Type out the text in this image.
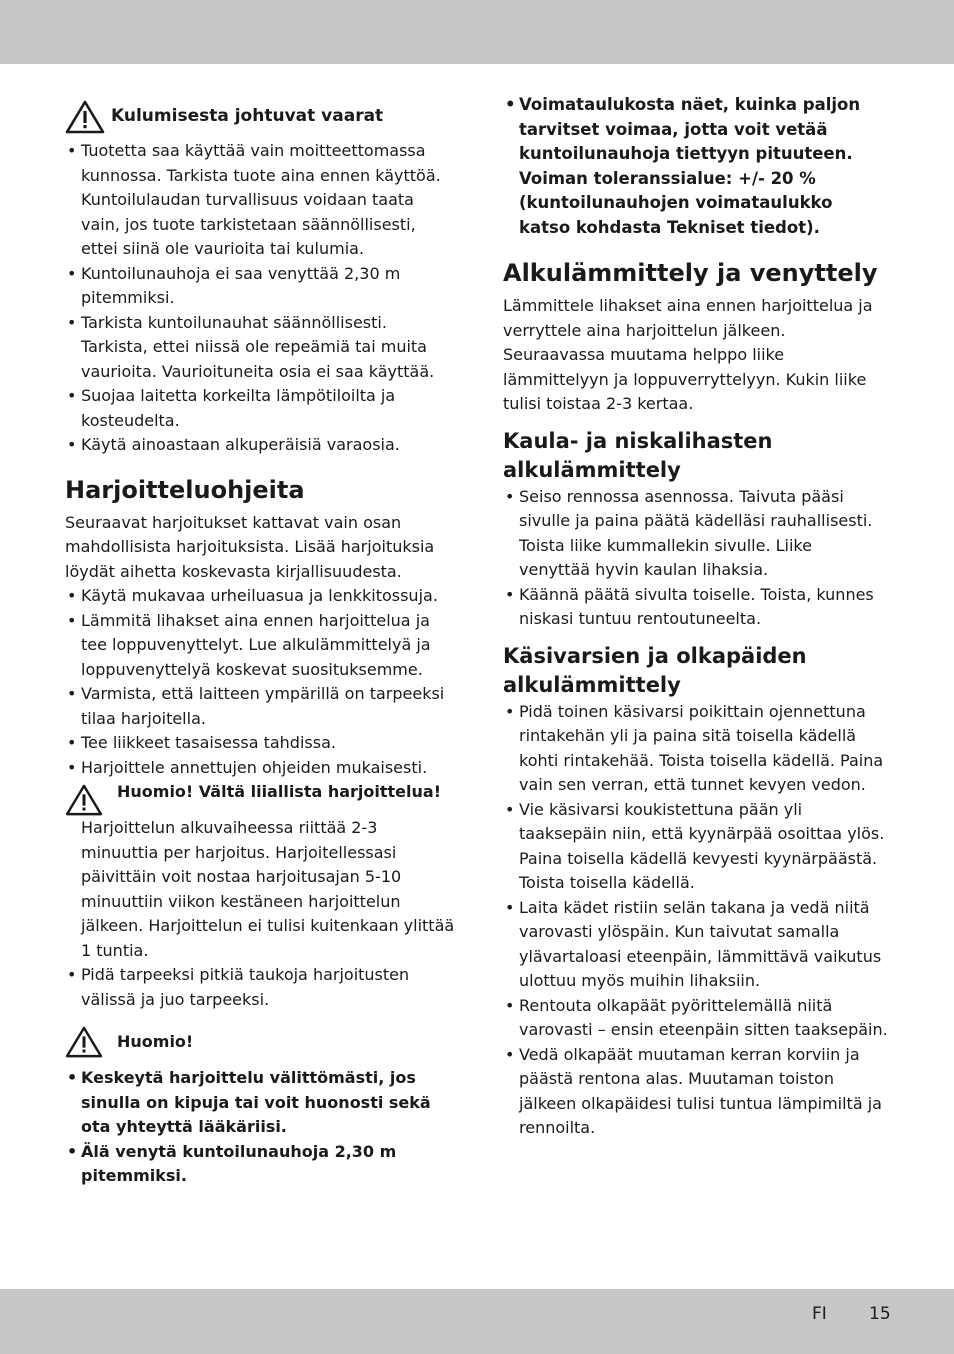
Kulumisesta johtuvat vaarat

• Tuotetta saa käyttää vain moitteettomassa kunnossa. Tarkista tuote aina ennen käyttöä. Kuntoilulaudan turvallisuus voidaan taata vain, jos tuote tarkistetaan säännöllisesti, ettei siinä ole vaurioita tai kulumia.

• Kuntoilunauhoja ei saa venyttää 2,30 m pitemmiksi.

• Tarkista kuntoilunauhat säännöllisesti. Tarkista, ettei niissä ole repeämiä tai muita vaurioita. Vaurioituneita osia ei saa käyttää.

• Suojaa laitetta korkeilta lämpötiloilta ja kosteudelta.

• Käytä ainoastaan alkuperäisiä varaosia.

Harjoitteluohjeita

Seuraavat harjoitukset kattavat vain osan mahdollisista harjoituksista. Lisää harjoituksia löydät aihetta koskevasta kirjallisuudesta.

• Käytä mukavaa urheiluasua ja lenkkitossuja.

• Lämmitä lihakset aina ennen harjoittelua ja tee loppuvenyttelyt. Lue alkulämmittelyä ja loppuvenyttelyä koskevat suosituksemme.

• Varmista, että laitteen ympärillä on tarpeeksi tilaa harjoitella.

• Tee liikkeet tasaisessa tahdissa.

• Harjoittele annettujen ohjeiden mukaisesti.

Huomio! Vältä liiallista harjoittelua!

Harjoittelun alkuvaiheessa riittää 2-3 minuuttia per harjoitus. Harjoitellessasi päivittäin voit nostaa harjoitusajan 5-10 minuuttiin viikon kestäneen harjoittelun jälkeen. Harjoittelun ei tulisi kuitenkaan ylittää 1 tuntia.

• Pidä tarpeeksi pitkiä taukoja harjoitusten välissä ja juo tarpeeksi.

Huomio!

• Keskeytä harjoittelu välittömästi, jos sinulla on kipuja tai voit huonosti sekä ota yhteyttä lääkäriisi.

• Älä venytä kuntoilunauhoja 2,30 m pitemmiksi.

• Voimataulukosta näet, kuinka paljon tarvitset voimaa, jotta voit vetää kuntoilunauhoja tiettyyn pituuteen. Voiman toleranssialue: +/- 20 % (kuntoilunauhojen voimataulukko katso kohdasta Tekniset tiedot).

Alkulämmittely ja venyttely

Lämmittele lihakset aina ennen harjoittelua ja verryttele aina harjoittelun jälkeen. Seuraavassa muutama helppo liike lämmittelyyn ja loppuverryttelyyn. Kukin liike tulisi toistaa 2-3 kertaa.

Kaula- ja niskalihasten alkulämmittely

• Seiso rennossa asennossa. Taivuta pääsi sivulle ja paina päätä kädelläsi rauhallisesti. Toista liike kummallekin sivulle. Liike venyttää hyvin kaulan lihaksia.

• Käännä päätä sivulta toiselle. Toista, kunnes niskasi tuntuu rentoutuneelta.

Käsivarsien ja olkapäiden alkulämmittely

• Pidä toinen käsivarsi poikittain ojennettuna rintakehän yli ja paina sitä toisella kädellä kohti rintakehää. Toista toisella kädellä. Paina vain sen verran, että tunnet kevyen vedon.

• Vie käsivarsi koukistettuna pään yli taaksepäin niin, että kyynärpää osoittaa ylös. Paina toisella kädellä kevyesti kyynärpäästä. Toista toisella kädellä.

• Laita kädet ristiin selän takana ja vedä niitä varovasti ylöspäin. Kun taivutat samalla ylävartaloasi eteenpäin, lämmittävä vaikutus ulottuu myös muihin lihaksiin.

• Rentouta olkapäät pyörittelemällä niitä varovasti – ensin eteenpäin sitten taaksepäin.

• Vedä olkapäät muutaman kerran korviin ja päästä rentona alas. Muutaman toiston jälkeen olkapäidesi tulisi tuntua lämpimiltä ja rennoilta.

FI 15
